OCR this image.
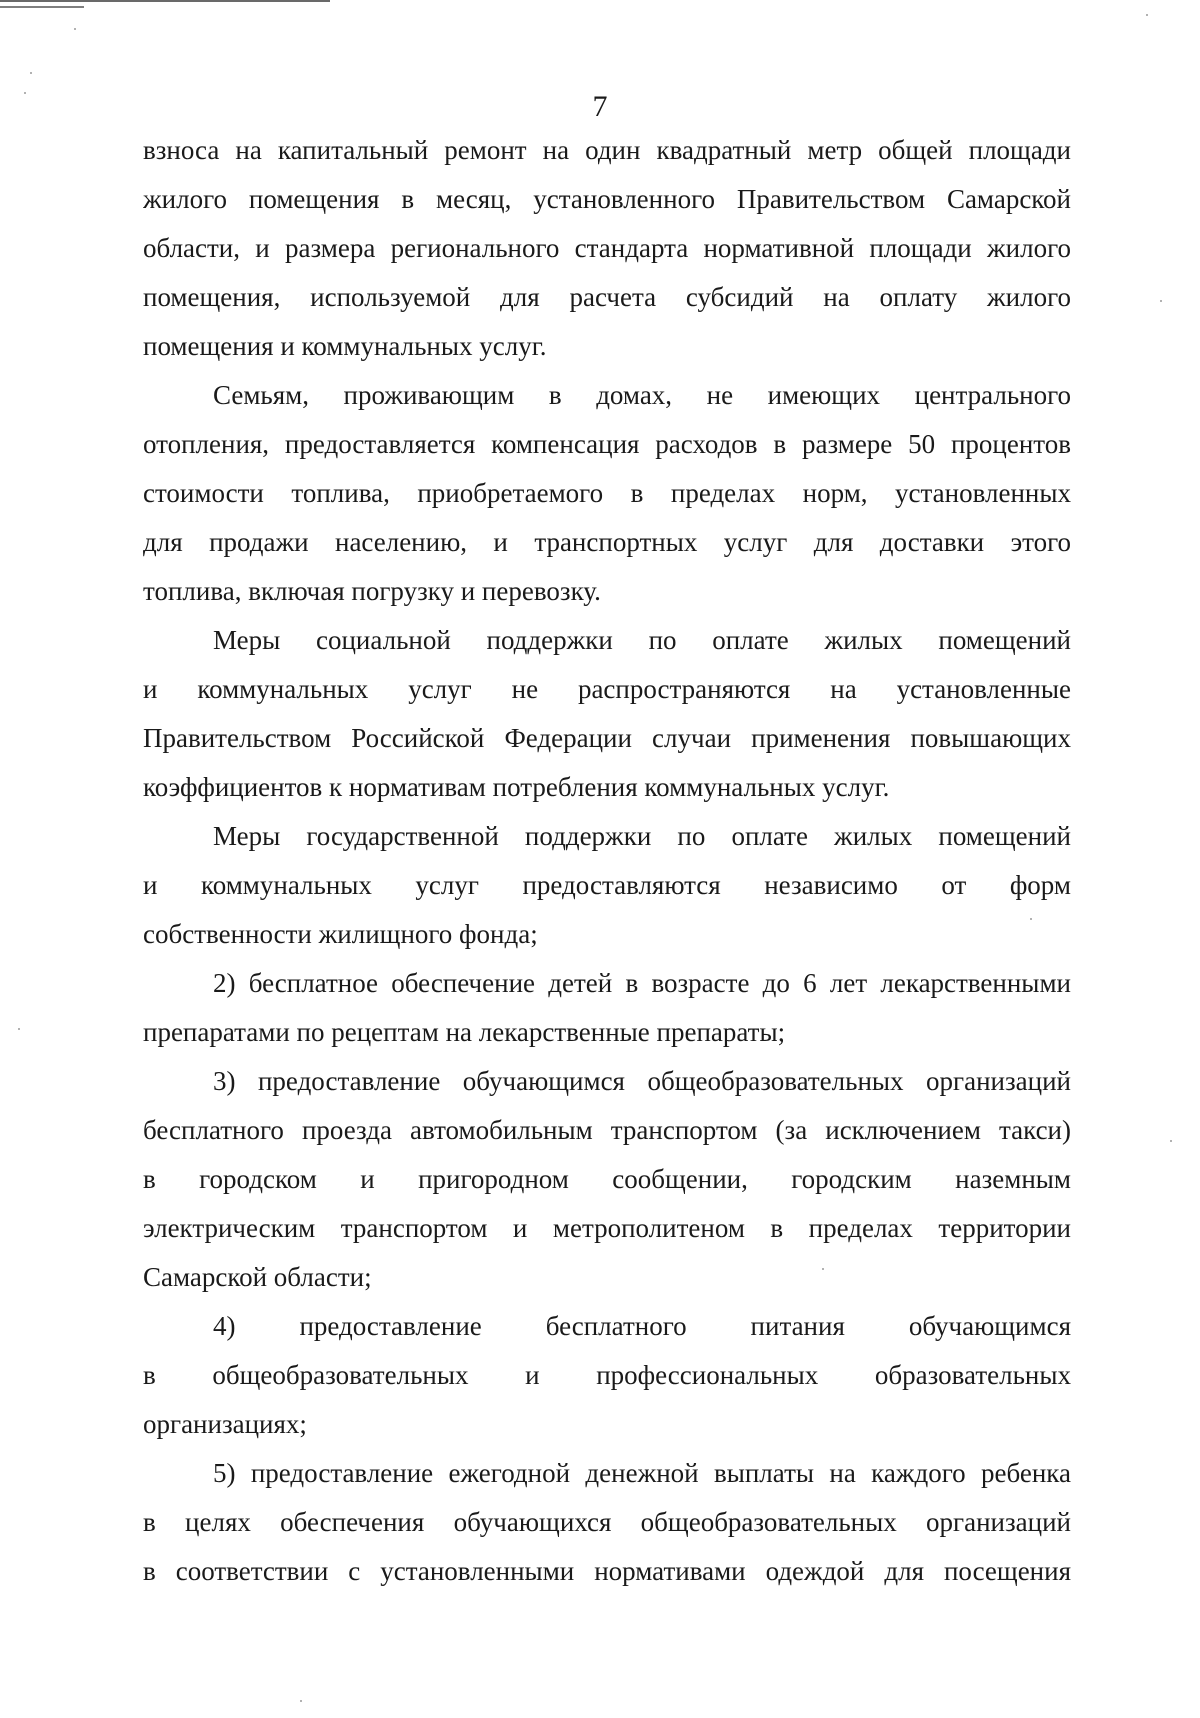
7
взноса на капитальный ремонт на один квадратный метр общей площади
жилого помещения в месяц, установленного Правительством Самарской
области, и размера регионального стандарта нормативной площади жилого
помещения, используемой для расчета субсидий на оплату жилого
помещения и коммунальных услуг.
Семьям, проживающим в домах, не имеющих центрального
отопления, предоставляется компенсация расходов в размере 50 процентов
стоимости топлива, приобретаемого в пределах норм, установленных
для продажи населению, и транспортных услуг для доставки этого
топлива, включая погрузку и перевозку.
Меры социальной поддержки по оплате жилых помещений
и коммунальных услуг не распространяются на установленные
Правительством Российской Федерации случаи применения повышающих
коэффициентов к нормативам потребления коммунальных услуг.
Меры государственной поддержки по оплате жилых помещений
и коммунальных услуг предоставляются независимо от форм
собственности жилищного фонда;
2) бесплатное обеспечение детей в возрасте до 6 лет лекарственными
препаратами по рецептам на лекарственные препараты;
3) предоставление обучающимся общеобразовательных организаций
бесплатного проезда автомобильным транспортом (за исключением такси)
в городском и пригородном сообщении, городским наземным
электрическим транспортом и метрополитеном в пределах территории
Самарской области;
4) предоставление бесплатного питания обучающимся
в общеобразовательных и профессиональных образовательных
организациях;
5) предоставление ежегодной денежной выплаты на каждого ребенка
в целях обеспечения обучающихся общеобразовательных организаций
в соответствии с установленными нормативами одеждой для посещения
